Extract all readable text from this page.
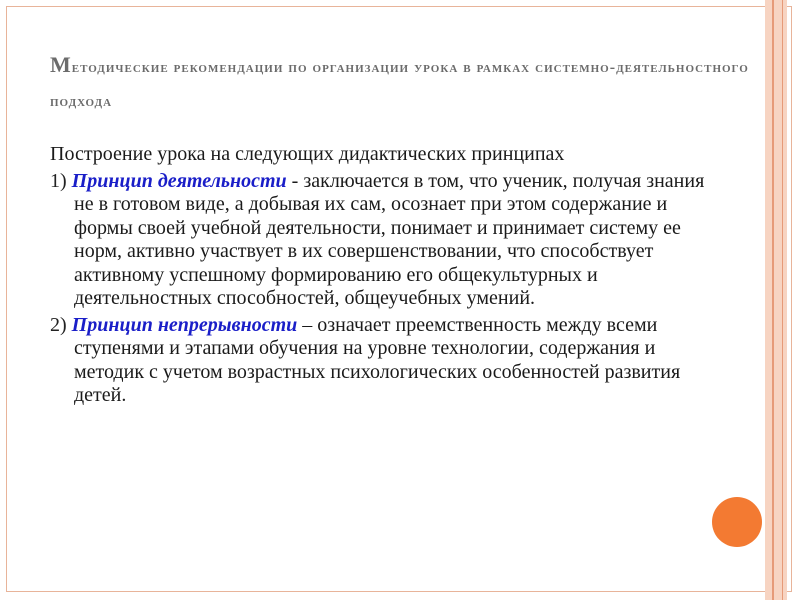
Методические рекомендации по организации урока в рамках системно-деятельностного подхода
Построение урока на следующих дидактических принципах
1) Принцип деятельности - заключается в том, что ученик, получая знания не в готовом виде, а добывая их сам, осознает при этом содержание и формы своей учебной деятельности, понимает и принимает систему ее норм, активно участвует в их совершенствовании, что способствует активному успешному формированию его общекультурных и деятельностных способностей, общеучебных умений.
2) Принцип непрерывности – означает преемственность между всеми ступенями и этапами обучения на уровне технологии, содержания и методик с учетом возрастных психологических особенностей развития детей.
